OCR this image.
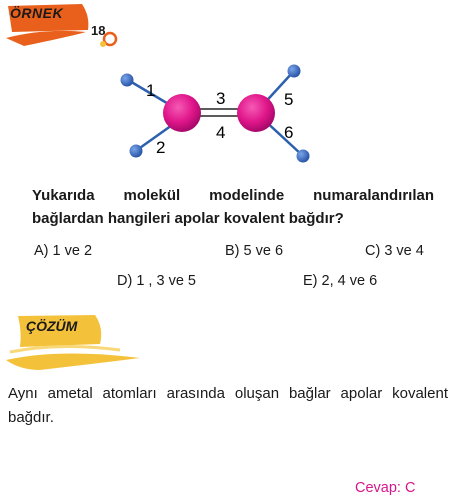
ÖRNEK
18
1
2
3
4
5
6
Yukarıda molekül modelinde numaralandırılan bağlardan hangileri apolar kovalent bağdır?
A) 1 ve 2	B) 5 ve 6	C) 3 ve 4
D) 1 , 3 ve 5	E) 2, 4 ve 6
ÇÖZÜM
Aynı ametal atomları arasında oluşan bağlar apolar kovalent bağdır.
Cevap: C
